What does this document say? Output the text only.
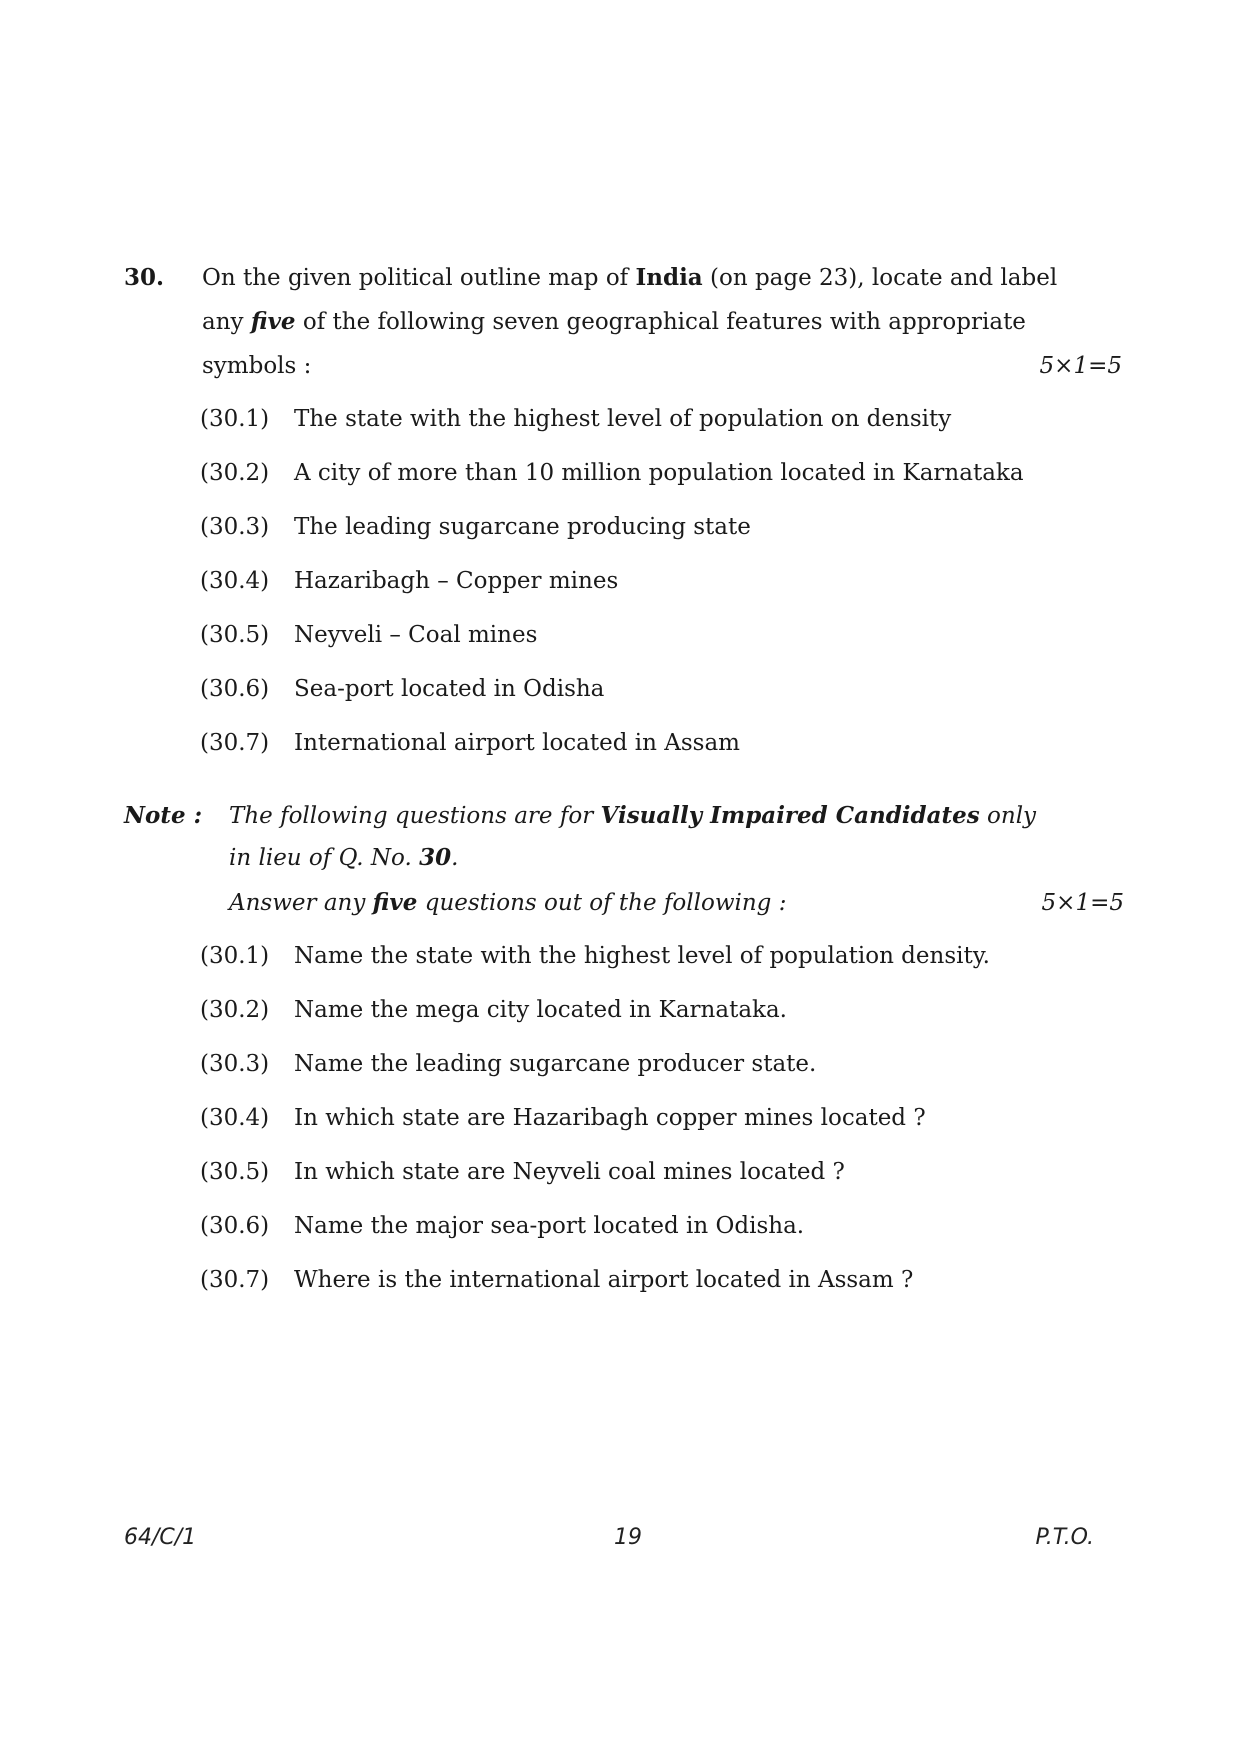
30.	On the given political outline map of India (on page 23), locate and label
any five of the following seven geographical features with appropriate
symbols :	5×1=5
(30.1)	The state with the highest level of population on density
(30.2)	A city of more than 10 million population located in Karnataka
(30.3)	The leading sugarcane producing state
(30.4)	Hazaribagh – Copper mines
(30.5)	Neyveli – Coal mines
(30.6)	Sea-port located in Odisha
(30.7)	International airport located in Assam
Note :	The following questions are for Visually Impaired Candidates only
in lieu of Q. No. 30.
Answer any five questions out of the following :	5×1=5
(30.1)	Name the state with the highest level of population density.
(30.2)	Name the mega city located in Karnataka.
(30.3)	Name the leading sugarcane producer state.
(30.4)	In which state are Hazaribagh copper mines located ?
(30.5)	In which state are Neyveli coal mines located ?
(30.6)	Name the major sea-port located in Odisha.
(30.7)	Where is the international airport located in Assam ?
64/C/1	19	P.T.O.
